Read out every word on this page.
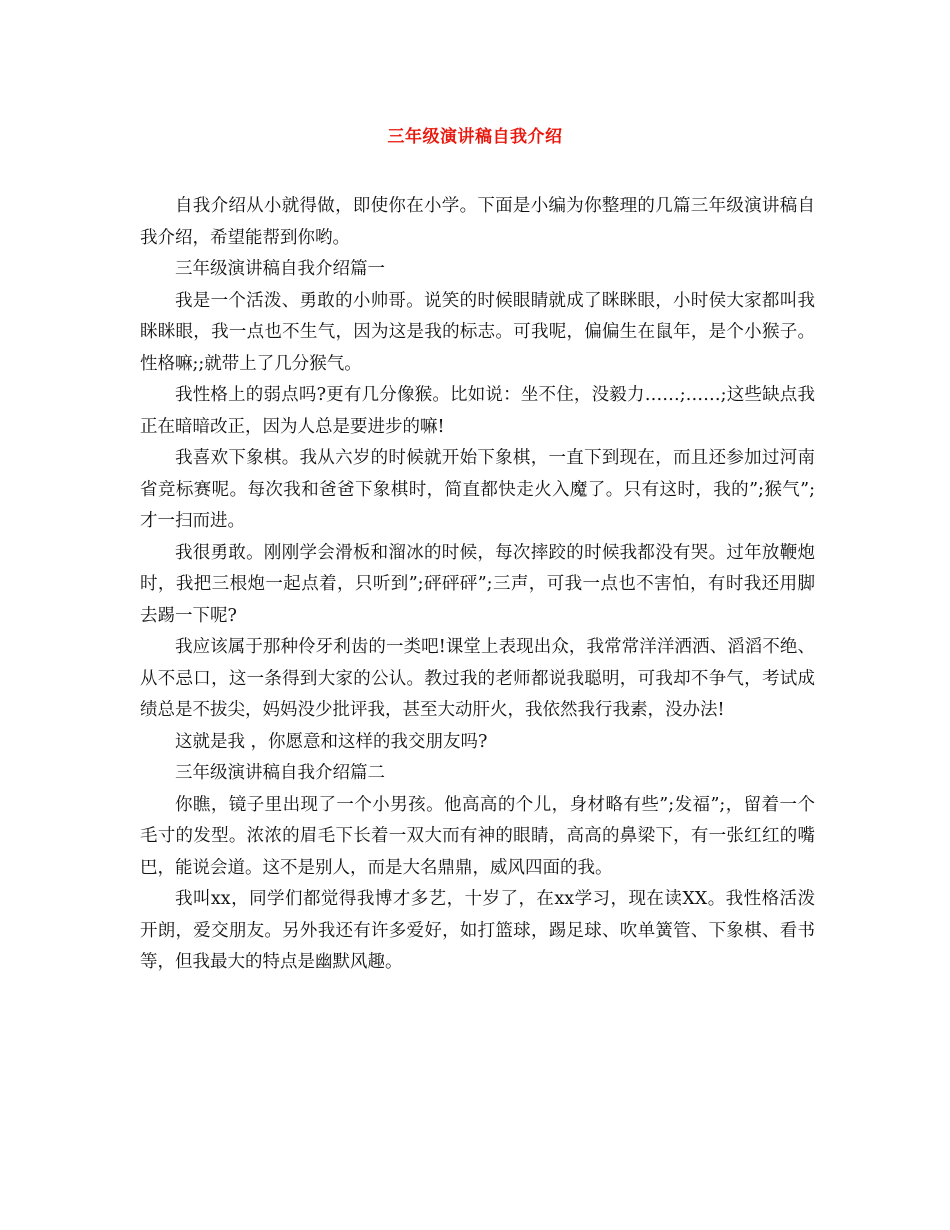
三年级演讲稿自我介绍

自我介绍从小就得做，即使你在小学。下面是小编为你整理的几篇三年级演讲稿自我介绍，希望能帮到你哟。

三年级演讲稿自我介绍篇一

我是一个活泼、勇敢的小帅哥。说笑的时候眼睛就成了眯眯眼，小时侯大家都叫我眯眯眼，我一点也不生气，因为这是我的标志。可我呢，偏偏生在鼠年，是个小猴子。性格嘛;;就带上了几分猴气。

我性格上的弱点吗?更有几分像猴。比如说：坐不住，没毅力……;……;这些缺点我正在暗暗改正，因为人总是要进步的嘛!

我喜欢下象棋。我从六岁的时候就开始下象棋，一直下到现在，而且还参加过河南省竞标赛呢。每次我和爸爸下象棋时，简直都快走火入魔了。只有这时，我的”;猴气”;才一扫而进。

我很勇敢。刚刚学会滑板和溜冰的时候，每次摔跤的时候我都没有哭。过年放鞭炮时，我把三根炮一起点着，只听到”;砰砰砰”;三声，可我一点也不害怕，有时我还用脚去踢一下呢?

我应该属于那种伶牙利齿的一类吧!课堂上表现出众，我常常洋洋洒洒、滔滔不绝、从不忌口，这一条得到大家的公认。教过我的老师都说我聪明，可我却不争气，考试成绩总是不拔尖，妈妈没少批评我，甚至大动肝火，我依然我行我素，没办法!

这就是我 ，你愿意和这样的我交朋友吗?

三年级演讲稿自我介绍篇二

你瞧，镜子里出现了一个小男孩。他高高的个儿，身材略有些”;发福”;，留着一个毛寸的发型。浓浓的眉毛下长着一双大而有神的眼睛，高高的鼻梁下，有一张红红的嘴巴，能说会道。这不是别人，而是大名鼎鼎，威风四面的我。

我叫xx，同学们都觉得我博才多艺，十岁了，在xx学习，现在读XX。我性格活泼开朗，爱交朋友。另外我还有许多爱好，如打篮球，踢足球、吹单簧管、下象棋、看书等，但我最大的特点是幽默风趣。
